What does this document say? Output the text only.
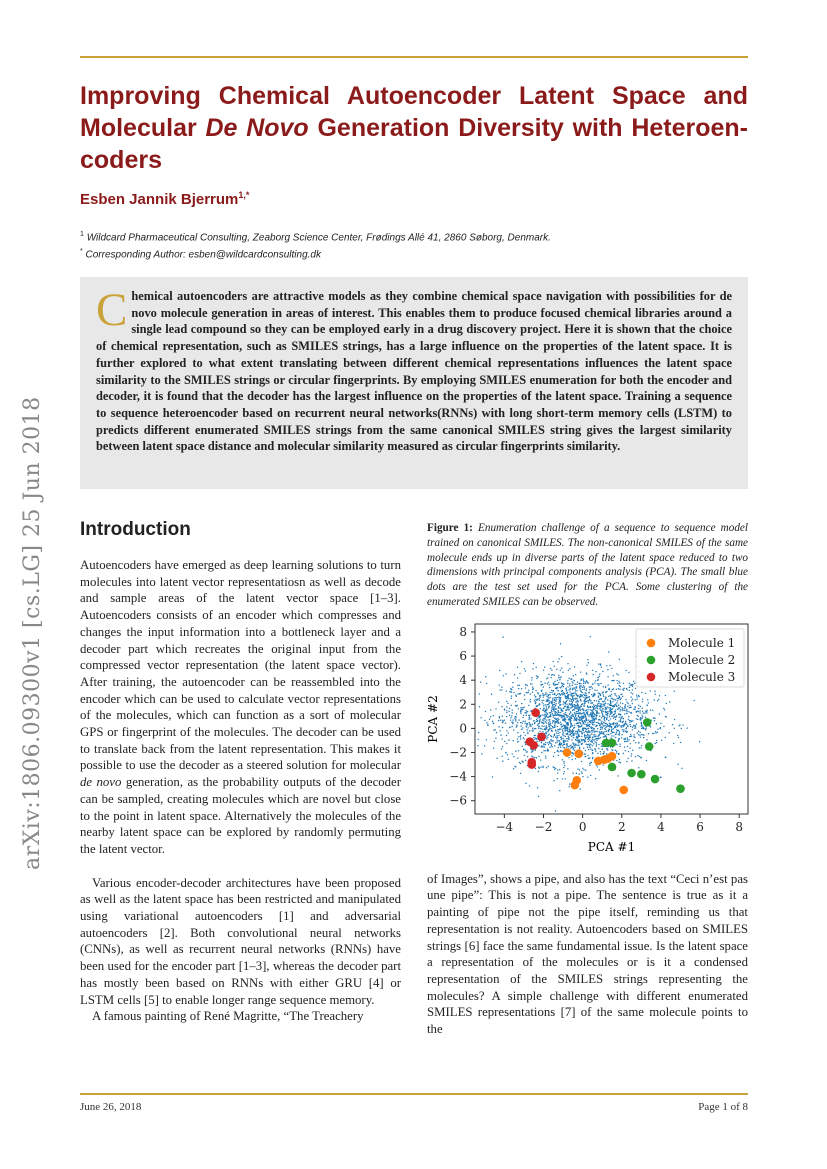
Improving Chemical Autoencoder Latent Space and Molecular De Novo Generation Diversity with Heteroen-coders
Esben Jannik Bjerrum$^{1,*}$
$^1$ Wildcard Pharmaceutical Consulting, Zeaborg Science Center, Frødings Allé 41, 2860 Søborg, Denmark.
* Corresponding Author: esben@wildcardconsulting.dk
Chemical autoencoders are attractive models as they combine chemical space navigation with possibilities for de novo molecule generation in areas of interest. This enables them to produce focused chemical libraries around a single lead compound so they can be employed early in a drug discovery project. Here it is shown that the choice of chemical representation, such as SMILES strings, has a large influence on the properties of the latent space. It is further explored to what extent translating between different chemical representations influences the latent space similarity to the SMILES strings or circular fingerprints. By employing SMILES enumeration for both the encoder and decoder, it is found that the decoder has the largest influence on the properties of the latent space. Training a sequence to sequence heteroencoder based on recurrent neural networks(RNNs) with long short-term memory cells (LSTM) to predicts different enumerated SMILES strings from the same canonical SMILES string gives the largest similarity between latent space distance and molecular similarity measured as circular fingerprints similarity.
arXiv:1806.09300v1 [cs.LG] 25 Jun 2018 Introduction

Autoencoders have emerged as deep learning solutions to turn molecules into latent vector representatiosn as well as decode and sample areas of the latent vector space [1–3]. Autoencoders consists of an encoder which compresses and changes the input information into a bottleneck layer and a decoder part which recreates the original input from the compressed vector representation (the latent space vector). After training, the autoencoder can be reassembled into the encoder which can be used to calculate vector representations of the molecules, which can function as a sort of molecular GPS or fingerprint of the molecules. The decoder can be used to translate back from the latent representation. This makes it possible to use the decoder as a steered solution for molecular de novo generation, as the probability outputs of the decoder can be sampled, creating molecules which are novel but close to the point in latent space. Alternatively the molecules of the nearby latent space can be explored by randomly permuting the latent vector.

Various encoder-decoder architectures have been proposed as well as the latent space has been restricted and manipulated using variational autoencoders [1] and adversarial autoencoders [2]. Both convolutional neural networks (CNNs), as well as recurrent neural networks (RNNs) have been used for the encoder part [1–3], whereas the decoder part has mostly been based on RNNs with either GRU [4] or LSTM cells [5] to enable longer range sequence memory.

A famous painting of René Magritte, “The Treachery

Figure 1: Enumeration challenge of a sequence to sequence model trained on canonical SMILES. The non-canonical SMILES of the same molecule ends up in diverse parts of the latent space reduced to two dimensions with principal components analysis (PCA). The small blue dots are the test set used for the PCA. Some clustering of the enumerated SMILES can be observed.
−4 −2 0	2	4	6	8
−6
−4
−2
0
2
4
6
8
PCA #1
PCA #2
Molecule 1
Molecule 2
Molecule 3

of Images”, shows a pipe, and also has the text “Ceci n’est pas une pipe”: This is not a pipe. The sentence is true as it a painting of pipe not the pipe itself, reminding us that representation is not reality. Autoencoders based on SMILES strings [6] face the same fundamental issue. Is the latent space a representation of the molecules or is it a condensed representation of the SMILES strings representing the molecules? A simple challenge with different enumerated SMILES representations [7] of the same molecule points to the

June 26, 2018	Page 1 of 8
